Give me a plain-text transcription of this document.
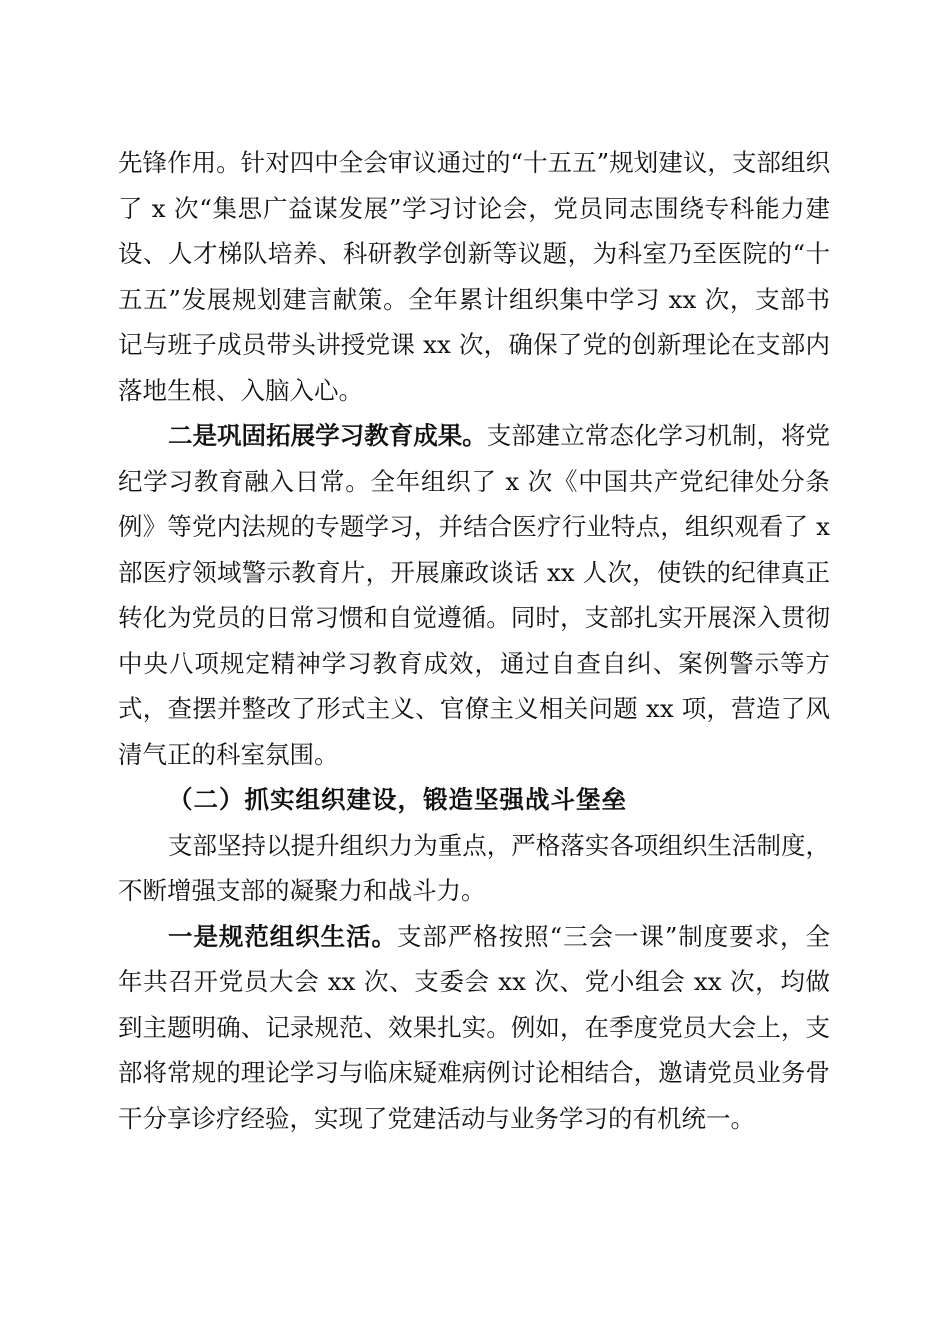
先锋作用。针对四中全会审议通过的“十五五”规划建议，支部组织了 x 次“集思广益谋发展”学习讨论会，党员同志围绕专科能力建设、人才梯队培养、科研教学创新等议题，为科室乃至医院的“十五五”发展规划建言献策。全年累计组织集中学习 xx 次，支部书记与班子成员带头讲授党课 xx 次，确保了党的创新理论在支部内落地生根、入脑入心。

二是巩固拓展学习教育成果。支部建立常态化学习机制，将党纪学习教育融入日常。全年组织了 x 次《中国共产党纪律处分条例》等党内法规的专题学习，并结合医疗行业特点，组织观看了 x 部医疗领域警示教育片，开展廉政谈话 xx 人次，使铁的纪律真正转化为党员的日常习惯和自觉遵循。同时，支部扎实开展深入贯彻中央八项规定精神学习教育成效，通过自查自纠、案例警示等方式，查摆并整改了形式主义、官僚主义相关问题 xx 项，营造了风清气正的科室氛围。

（二）抓实组织建设，锻造坚强战斗堡垒

支部坚持以提升组织力为重点，严格落实各项组织生活制度，不断增强支部的凝聚力和战斗力。

一是规范组织生活。支部严格按照“三会一课”制度要求，全年共召开党员大会 xx 次、支委会 xx 次、党小组会 xx 次，均做到主题明确、记录规范、效果扎实。例如，在季度党员大会上，支部将常规的理论学习与临床疑难病例讨论相结合，邀请党员业务骨干分享诊疗经验，实现了党建活动与业务学习的有机统一。
